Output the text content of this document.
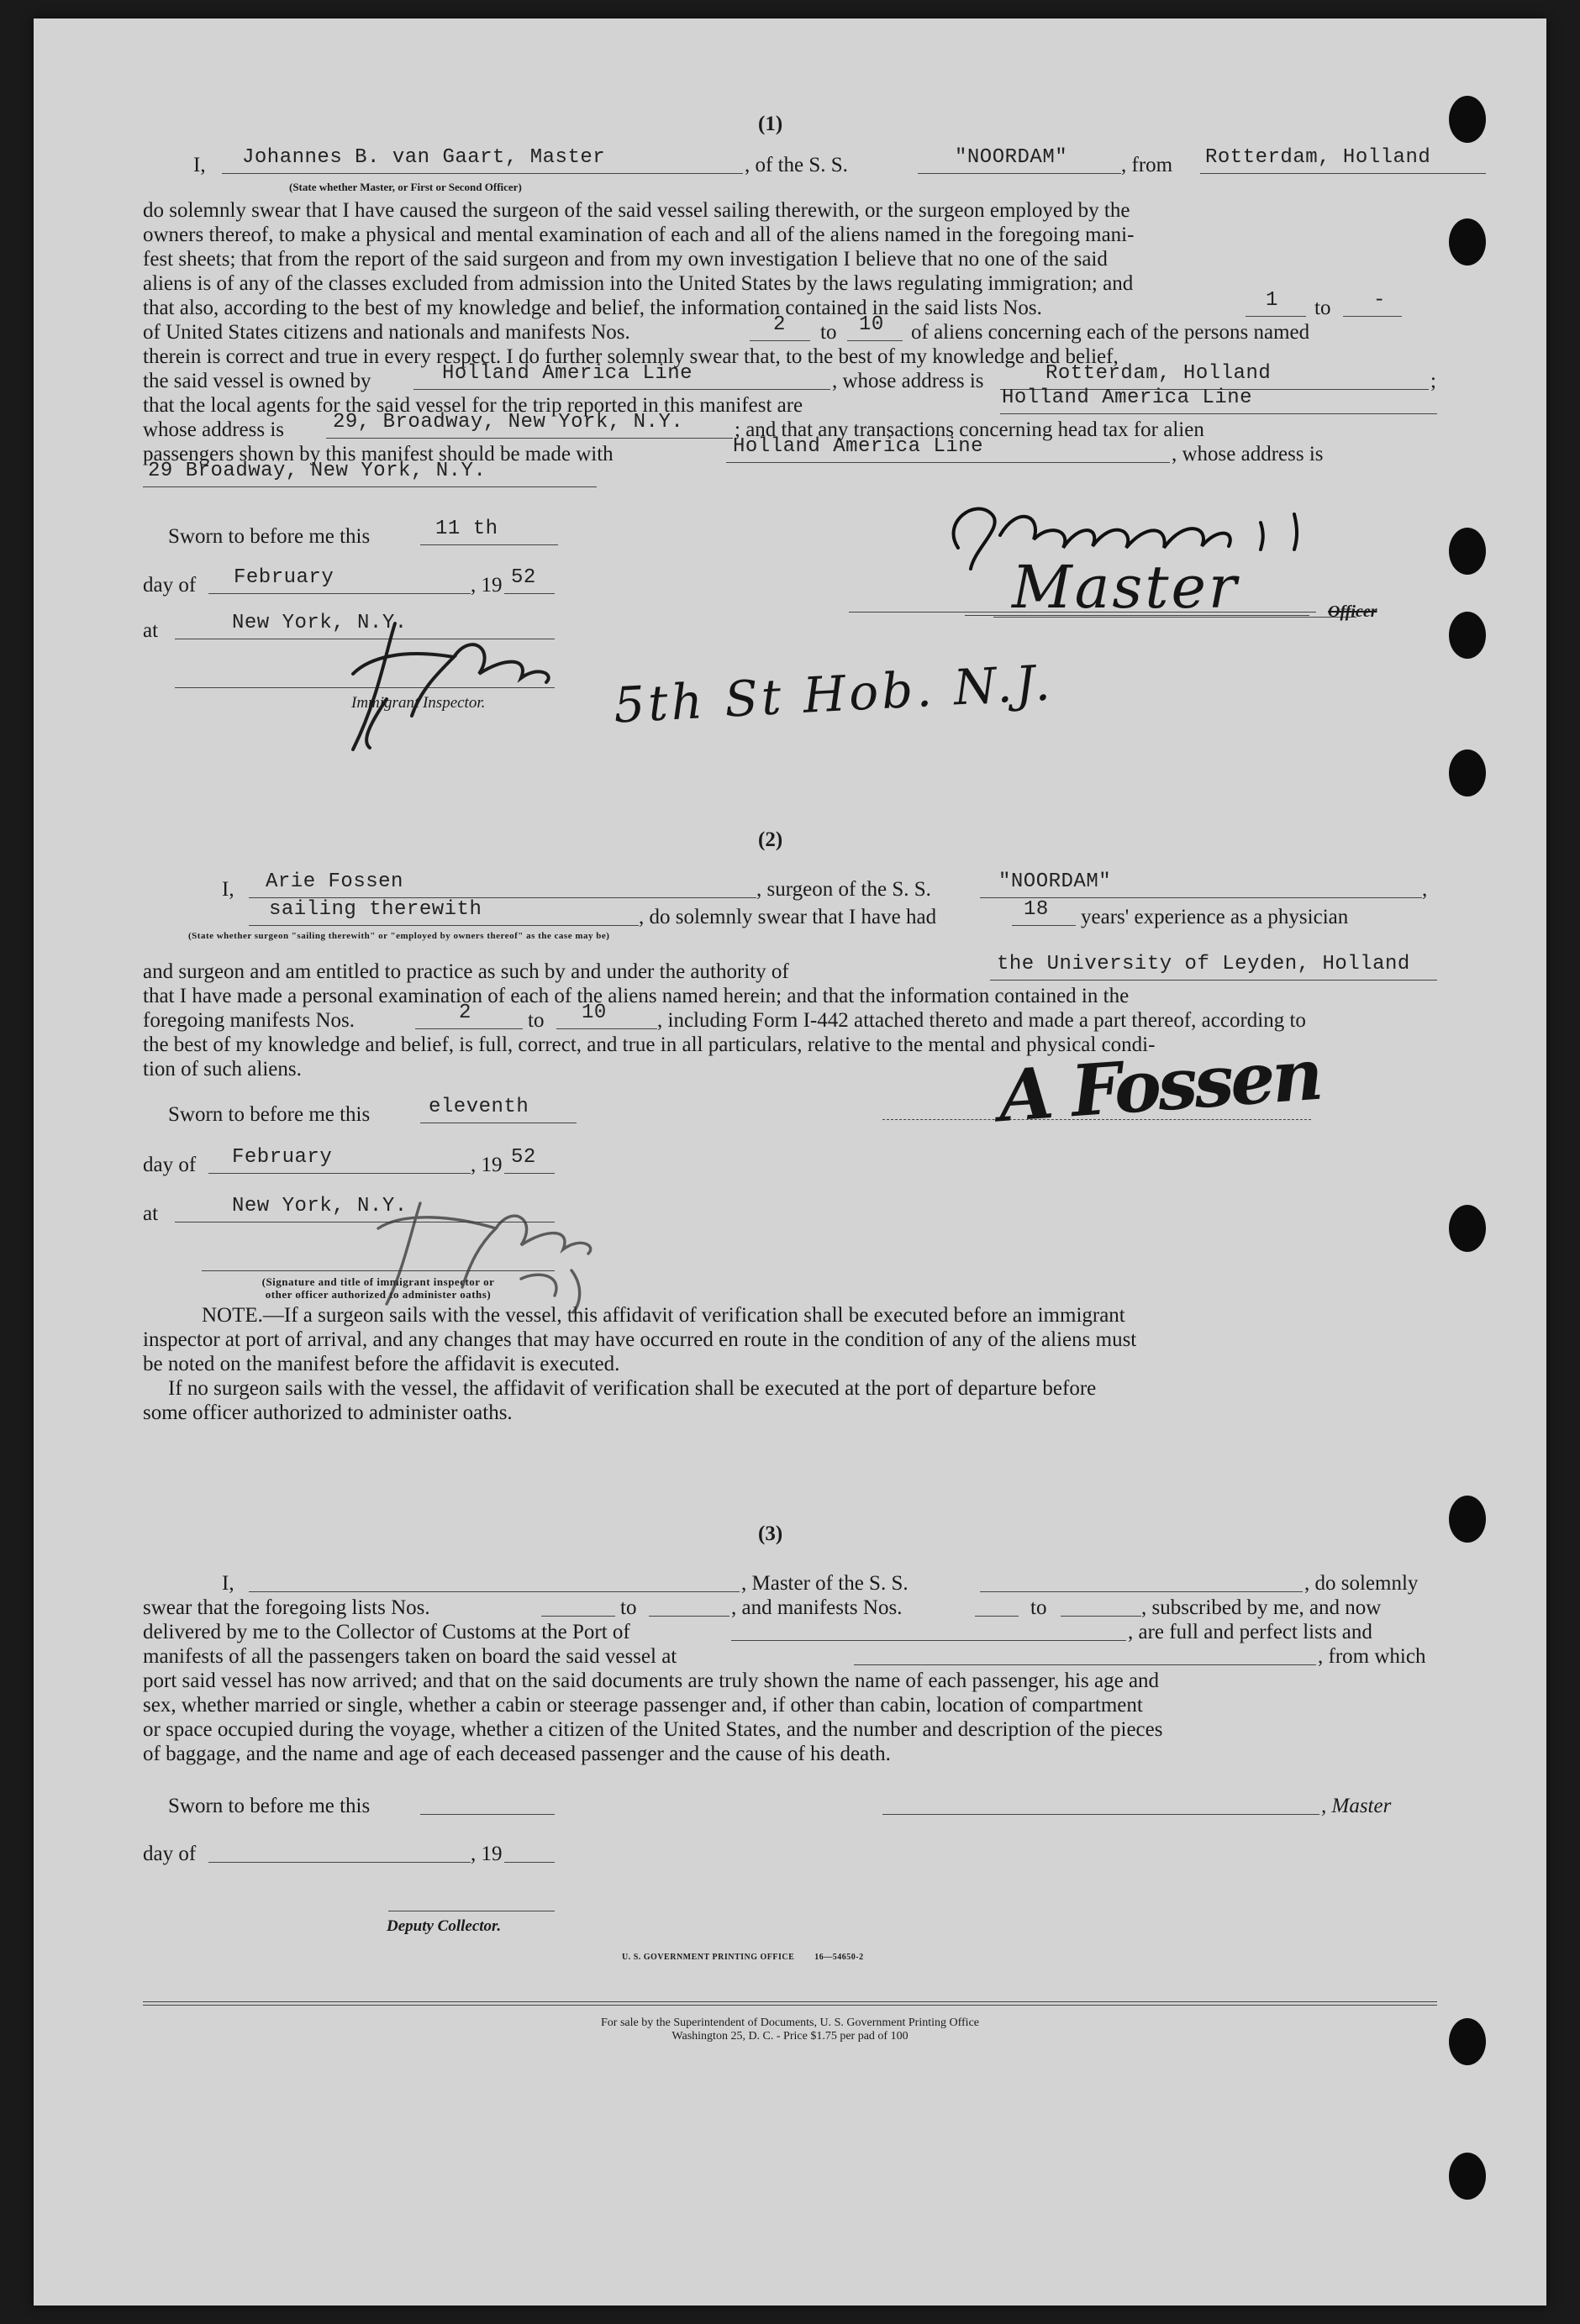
(1)
I, Johannes B. van Gaart, Master
(State whether Master, or First or Second Officer)
, of the S. S.	"NOORDAM"	, from Rotterdam, Holland
do solemnly swear that I have caused the surgeon of the said vessel sailing therewith, or the surgeon employed by the
owners thereof, to make a physical and mental examination of each and all of the aliens named in the foregoing mani-
fest sheets; that from the report of the said surgeon and from my own investigation I believe that no one of the said
aliens is of any of the classes excluded from admission into the United States by the laws regulating immigration; and
that also, according to the best of my knowledge and belief, the information contained in the said lists Nos.	1 to -
of United States citizens and nationals and manifests Nos.	2 to 10 of aliens concerning each of the persons named
therein is correct and true in every respect. I do further solemnly swear that, to the best of my knowledge and belief,
the said vessel is owned by	Holland America Line	, whose address is	Rotterdam, Holland	;
that the local agents for the said vessel for the trip reported in this manifest are	Holland America Line
whose address is 29, Broadway, New York, N.Y. ; and that any transactions concerning head tax for alien
passengers shown by this manifest should be made with	Holland America Line	, whose address is
29 Broadway, New York, N.Y.
Sworn to before me this	11 th
day of February	, 19 52
at	New York, N.Y.
Immigrant Inspector.
Officer
Master
5th St Hob. N.J.
(2)
I, Arie Fossen	, surgeon of the S. S.	"NOORDAM"	,
sailing therewith	, do solemnly swear that I have had	18 years' experience as a physician
(State whether surgeon "sailing therewith" or "employed by owners thereof" as the case may be)
and surgeon and am entitled to practice as such by and under the authority of	the University of Leyden, Holland
that I have made a personal examination of each of the aliens named herein; and that the information contained in the
foregoing manifests Nos.	2	to 10 , including Form I-442 attached thereto and made a part thereof, according to
the best of my knowledge and belief, is full, correct, and true in all particulars, relative to the mental and physical condi-
tion of such aliens.
Sworn to before me this	eleventh
day of February	, 19 52
at	New York, N.Y.
(Signature and title of immigrant inspector or
other officer authorized to administer oaths)
NOTE.—If a surgeon sails with the vessel, this affidavit of verification shall be executed before an immigrant
inspector at port of arrival, and any changes that may have occurred en route in the condition of any of the aliens must
be noted on the manifest before the affidavit is executed.
If no surgeon sails with the vessel, the affidavit of verification shall be executed at the port of departure before
some officer authorized to administer oaths.
A Fossen
(3)
I,	, Master of the S. S.	, do solemnly
swear that the foregoing lists Nos.	to	, and manifests Nos.	to	, subscribed by me, and now
delivered by me to the Collector of Customs at the Port of	, are full and perfect lists and
manifests of all the passengers taken on board the said vessel at	, from which
port said vessel has now arrived; and that on the said documents are truly shown the name of each passenger, his age and
sex, whether married or single, whether a cabin or steerage passenger and, if other than cabin, location of compartment
or space occupied during the voyage, whether a citizen of the United States, and the number and description of the pieces
of baggage, and the name and age of each deceased passenger and the cause of his death.
Sworn to before me this	, Master
day of	, 19
Deputy Collector.
U. S. GOVERNMENT PRINTING OFFICE        16—54650-2
For sale by the Superintendent of Documents, U. S. Government Printing Office
Washington 25, D. C. - Price $1.75 per pad of 100
